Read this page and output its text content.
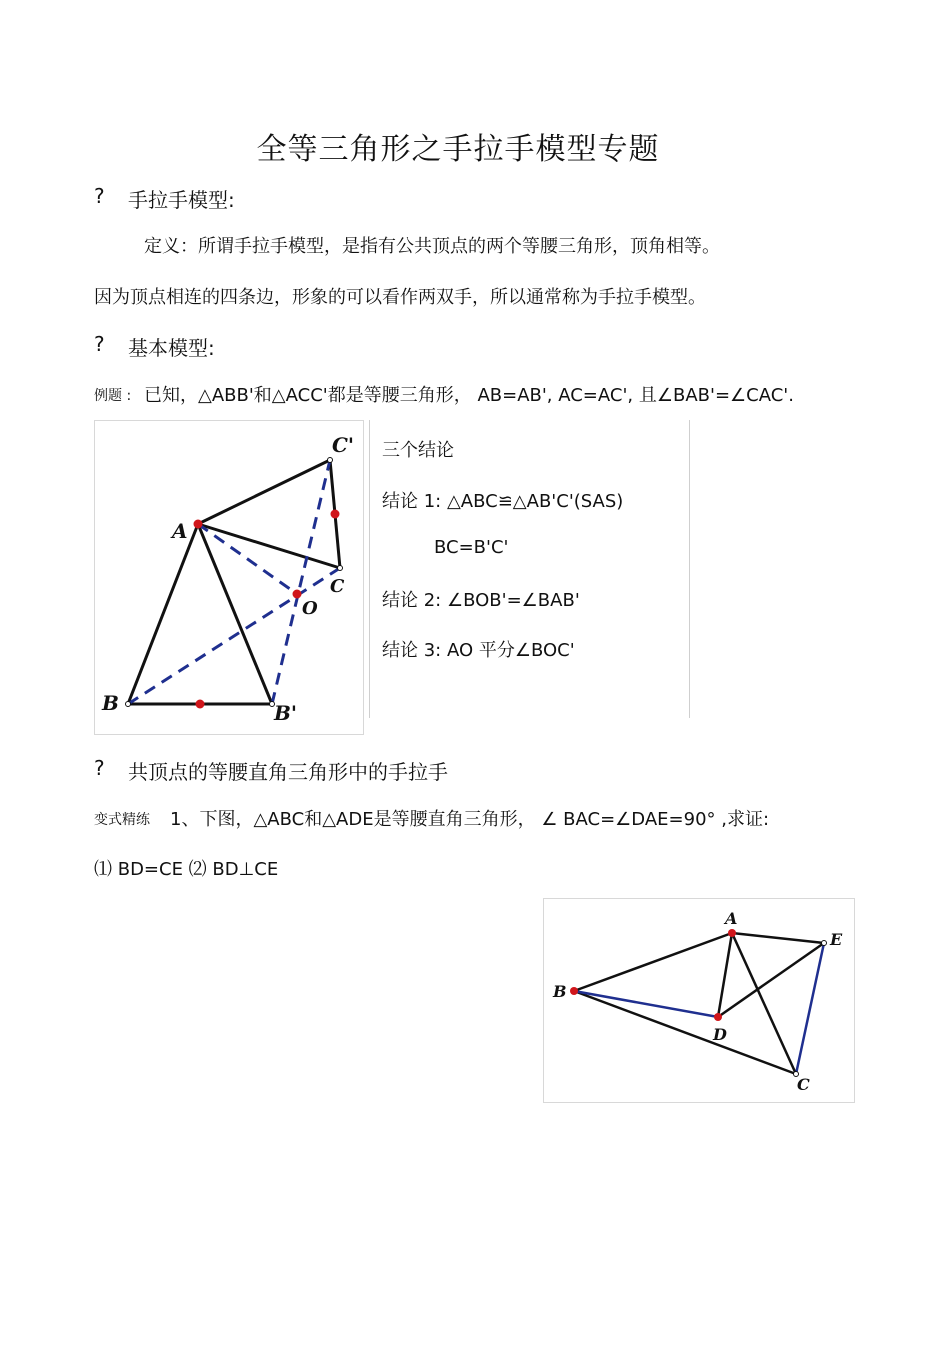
全等三角形之手拉手模型专题
? 手拉手模型:
定义：所谓手拉手模型，是指有公共顶点的两个等腰三角形，顶角相等。
因为顶点相连的四条边，形象的可以看作两双手，所以通常称为手拉手模型。
? 基本模型:
例题 : 已知，△ABB'和△ACC'都是等腰三角形， AB=AB', AC=AC', 且∠BAB'=∠CAC'.
C'
A
C
O
B	B'
三个结论
结论 1: △ABC≌△AB'C'(SAS)
BC=B'C'
结论 2: ∠BOB'=∠BAB'
结论 3: AO 平分∠BOC'
? 共顶点的等腰直角三角形中的手拉手
变式精练 1、下图，△ABC和△ADE是等腰直角三角形， ∠ BAC=∠DAE=90° ,求证:
⑴ BD=CE ⑵ BD⊥CE
A
B
D
E
C
